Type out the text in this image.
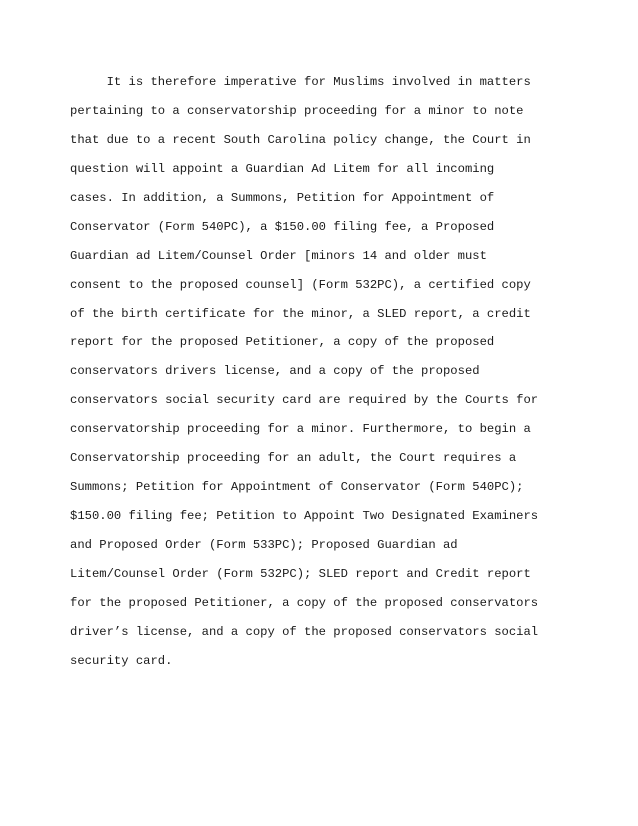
It is therefore imperative for Muslims involved in matters
pertaining to a conservatorship proceeding for a minor to note
that due to a recent South Carolina policy change, the Court in
question will appoint a Guardian Ad Litem for all incoming
cases. In addition, a Summons, Petition for Appointment of
Conservator (Form 540PC), a $150.00 filing fee, a Proposed
Guardian ad Litem/Counsel Order [minors 14 and older must
consent to the proposed counsel] (Form 532PC), a certified copy
of the birth certificate for the minor, a SLED report, a credit
report for the proposed Petitioner, a copy of the proposed
conservators drivers license, and a copy of the proposed
conservators social security card are required by the Courts for
conservatorship proceeding for a minor. Furthermore, to begin a
Conservatorship proceeding for an adult, the Court requires a
Summons; Petition for Appointment of Conservator (Form 540PC);
$150.00 filing fee; Petition to Appoint Two Designated Examiners
and Proposed Order (Form 533PC); Proposed Guardian ad
Litem/Counsel Order (Form 532PC); SLED report and Credit report
for the proposed Petitioner, a copy of the proposed conservators
driver’s license, and a copy of the proposed conservators social
security card.
